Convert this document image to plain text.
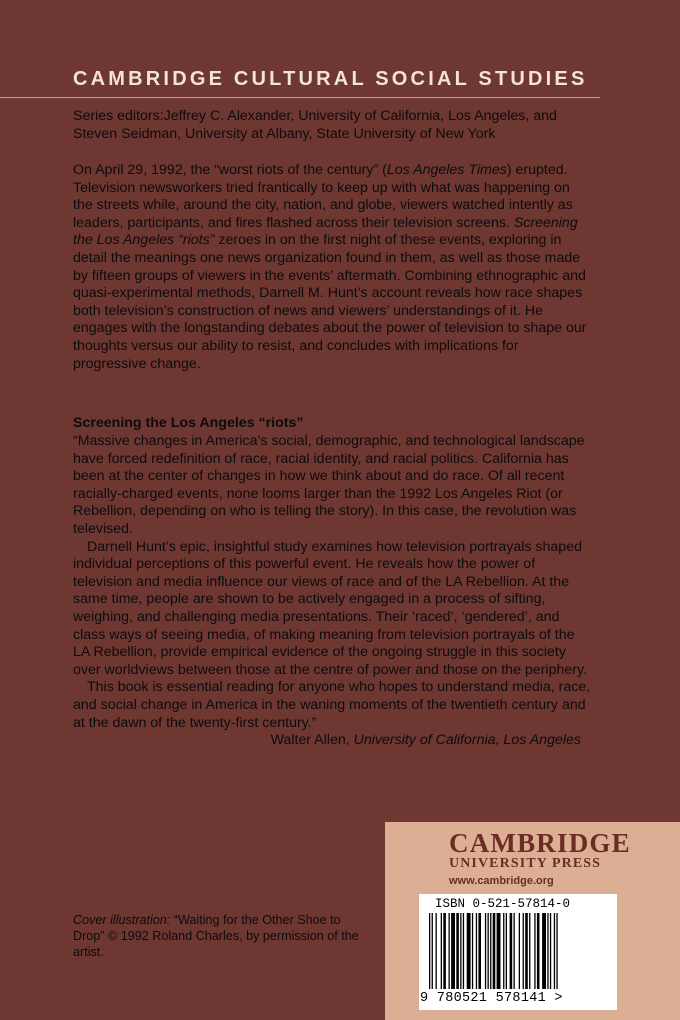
CAMBRIDGE CULTURAL SOCIAL STUDIES
Series editors:Jeffrey C. Alexander, University of California, Los Angeles, and Steven Seidman, University at Albany, State University of New York
On April 29, 1992, the “worst riots of the century” (Los Angeles Times) erupted. Television newsworkers tried frantically to keep up with what was happening on the streets while, around the city, nation, and globe, viewers watched intently as leaders, participants, and fires flashed across their television screens. Screening the Los Angeles “riots” zeroes in on the first night of these events, exploring in detail the meanings one news organization found in them, as well as those made by fifteen groups of viewers in the events’ aftermath. Combining ethnographic and quasi-experimental methods, Darnell M. Hunt’s account reveals how race shapes both television’s construction of news and viewers’ understandings of it. He engages with the longstanding debates about the power of television to shape our thoughts versus our ability to resist, and concludes with implications for progressive change.
Screening the Los Angeles “riots”

“Massive changes in America’s social, demographic, and technological landscape have forced redefinition of race, racial identity, and racial politics. California has been at the center of changes in how we think about and do race. Of all recent racially-charged events, none looms larger than the 1992 Los Angeles Riot (or Rebellion, depending on who is telling the story). In this case, the revolution was televised.

Darnell Hunt’s epic, insightful study examines how television portrayals shaped individual perceptions of this powerful event. He reveals how the power of television and media influence our views of race and of the LA Rebellion. At the same time, people are shown to be actively engaged in a process of sifting, weighing, and challenging media presentations. Their ‘raced’, ‘gendered’, and class ways of seeing media, of making meaning from television portrayals of the LA Rebellion, provide empirical evidence of the ongoing struggle in this society over worldviews between those at the centre of power and those on the periphery.

This book is essential reading for anyone who hopes to understand media, race, and social change in America in the waning moments of the twentieth century and at the dawn of the twenty-first century.”

Walter Allen, University of California, Los Angeles

Cover illustration: “Waiting for the Other Shoe to Drop” © 1992 Roland Charles, by permission of the artist.
CAMBRIDGE
UNIVERSITY PRESS
www.cambridge.org
ISBN 0-521-57814-0
9 780521 578141 >
